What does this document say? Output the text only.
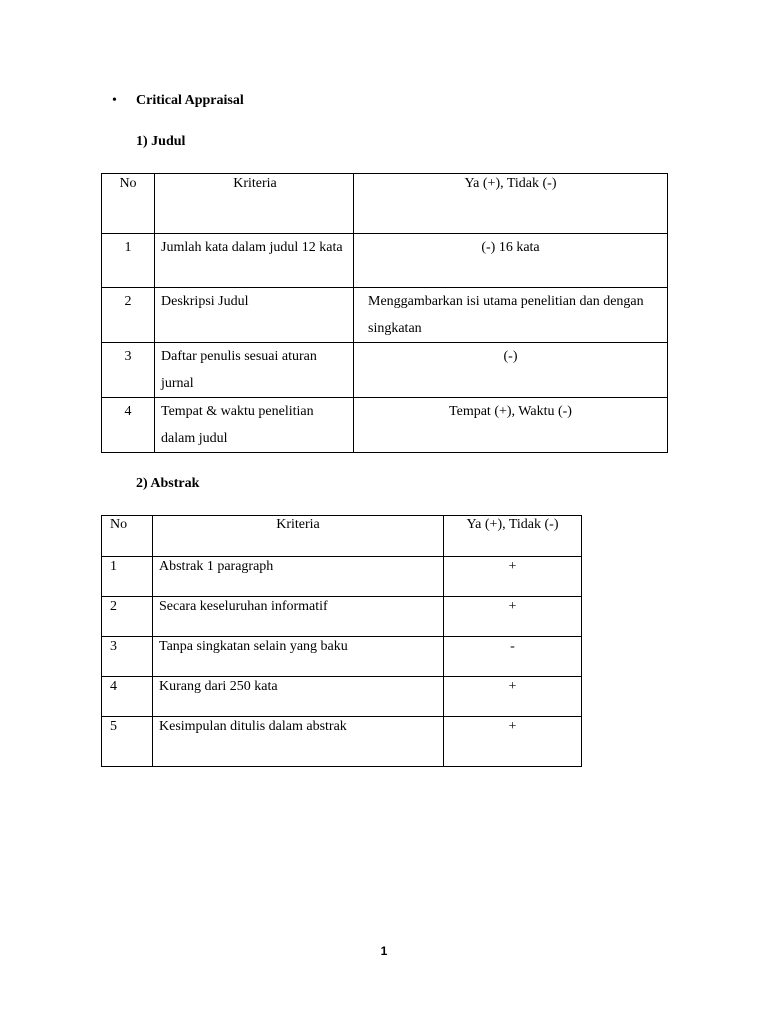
• Critical Appraisal
1) Judul
No	Kriteria	Ya (+), Tidak (-)
1	Jumlah kata dalam judul 12 kata	(-) 16 kata
2	Deskripsi Judul	Menggambarkan isi utama penelitian dan dengan singkatan
3	Daftar penulis sesuai aturan jurnal	(-)
4	Tempat & waktu penelitian dalam judul	Tempat (+), Waktu (-)
2) Abstrak
No	Kriteria	Ya (+), Tidak (-)
1	Abstrak 1 paragraph	+
2	Secara keseluruhan informatif	+
3	Tanpa singkatan selain yang baku	-
4	Kurang dari 250 kata	+
5	Kesimpulan ditulis dalam abstrak	+
1
